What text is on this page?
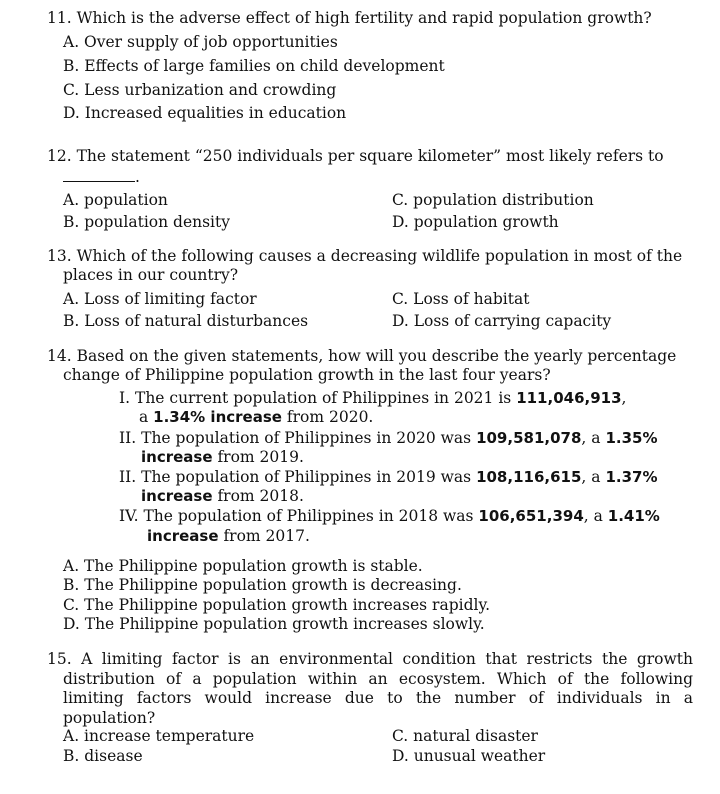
11. Which is the adverse effect of high fertility and rapid population growth?
A. Over supply of job opportunities
B. Effects of large families on child development
C. Less urbanization and crowding
D. Increased equalities in education
12. The statement “250 individuals per square kilometer” most likely refers to
.
A. population
B. population density
C. population distribution
D. population growth
13. Which of the following causes a decreasing wildlife population in most of the
places in our country?
A. Loss of limiting factor
B. Loss of natural disturbances
C. Loss of habitat
D. Loss of carrying capacity
14. Based on the given statements, how will you describe the yearly percentage
change of Philippine population growth in the last four years?
I. The current population of Philippines in 2021 is 111,046,913,
a 1.34% increase from 2020.
II. The population of Philippines in 2020 was 109,581,078, a 1.35%
increase from 2019.
II. The population of Philippines in 2019 was 108,116,615, a 1.37%
increase from 2018.
IV. The population of Philippines in 2018 was 106,651,394, a 1.41%
increase from 2017.
A. The Philippine population growth is stable.
B. The Philippine population growth is decreasing.
C. The Philippine population growth increases rapidly.
D. The Philippine population growth increases slowly.
15. A limiting factor is an environmental condition that restricts the growth distribution of a population within an ecosystem. Which of the following limiting factors would increase due to the number of individuals in a population?
A. increase temperature
B. disease
C. natural disaster
D. unusual weather
